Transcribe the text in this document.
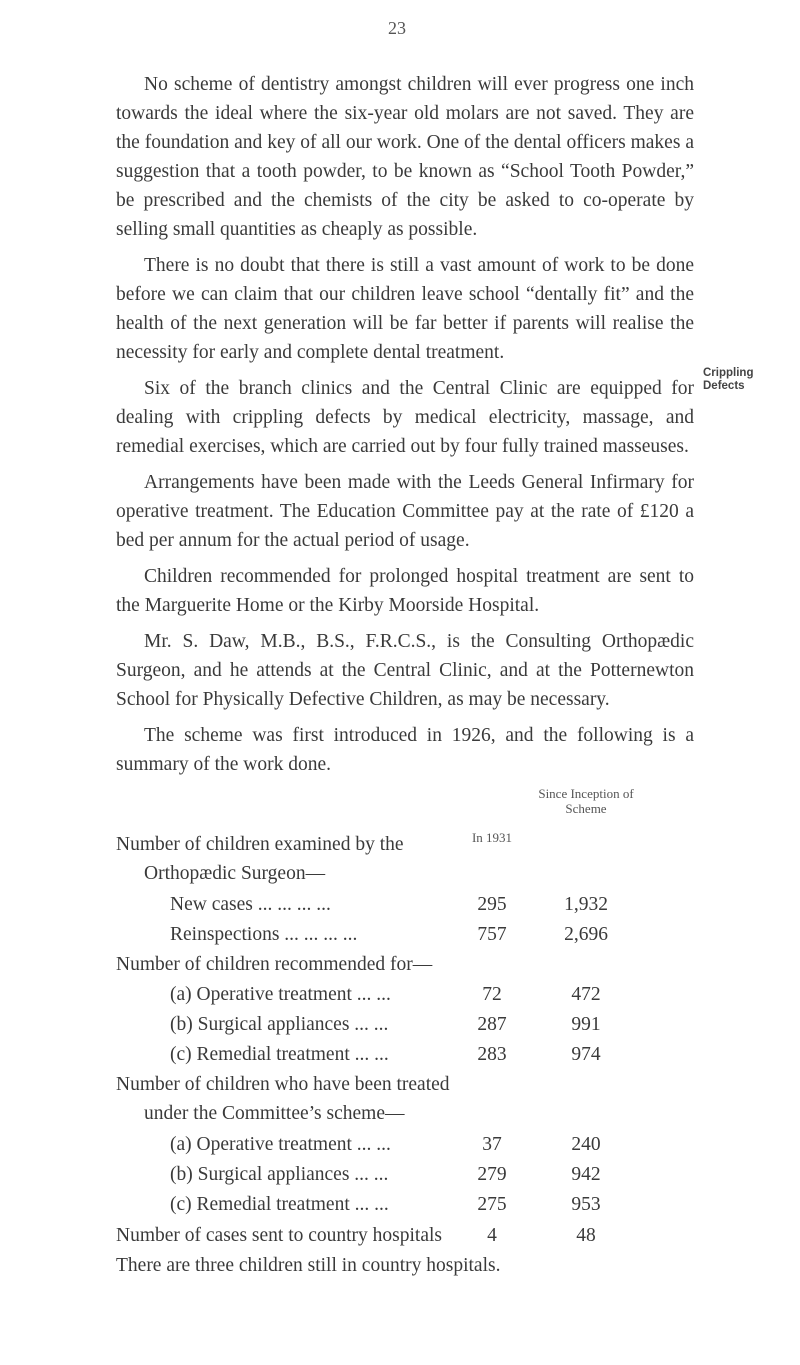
23

No scheme of dentistry amongst children will ever progress one inch towards the ideal where the six-year old molars are not saved. They are the foundation and key of all our work. One of the dental officers makes a suggestion that a tooth powder, to be known as “School Tooth Powder,” be prescribed and the chemists of the city be asked to co-operate by selling small quantities as cheaply as possible.

There is no doubt that there is still a vast amount of work to be done before we can claim that our children leave school “dentally fit” and the health of the next generation will be far better if parents will realise the necessity for early and complete dental treatment.

Six of the branch clinics and the Central Clinic are equipped for dealing with crippling defects by medical electricity, massage, and remedial exercises, which are carried out by four fully trained masseuses.

Arrangements have been made with the Leeds General Infirmary for operative treatment. The Education Committee pay at the rate of £120 a bed per annum for the actual period of usage.

Children recommended for prolonged hospital treatment are sent to the Marguerite Home or the Kirby Moorside Hospital.

Mr. S. Daw, M.B., B.S., F.R.C.S., is the Consulting Orthopædic Surgeon, and he attends at the Central Clinic, and at the Potternewton School for Physically Defective Children, as may be necessary.

The scheme was first introduced in 1926, and the following is a summary of the work done.

Crippling Defects
In 1931
Since Inception of Scheme
Number of children examined by the
Orthopædic Surgeon—
New cases ... ... ... ...	295	1,932
Reinspections ... ... ... ...	757	2,696
Number of children recommended for—
(a) Operative treatment ... ...	72	472
(b) Surgical appliances ... ...	287	991
(c) Remedial treatment ... ...	283	974
Number of children who have been treated
under the Committee’s scheme—
(a) Operative treatment ... ...	37	240
(b) Surgical appliances ... ...	279	942
(c) Remedial treatment ... ...	275	953
Number of cases sent to country hospitals	4	48
There are three children still in country hospitals.
